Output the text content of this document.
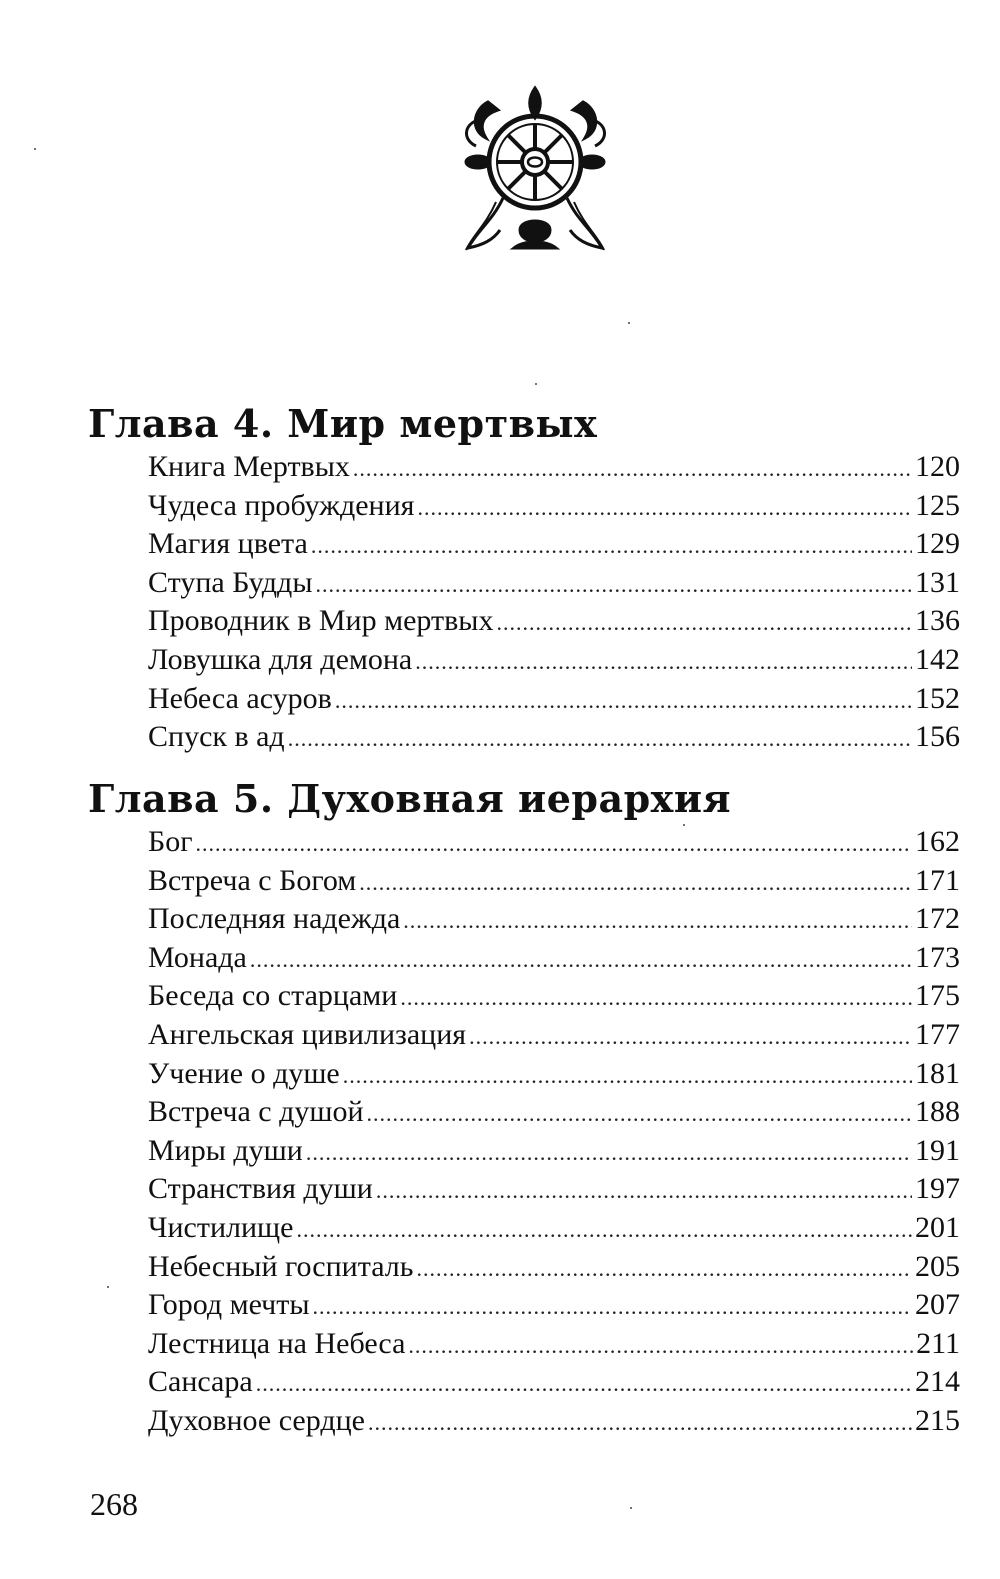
Глава 4. Мир мертвых
Книга Мертвых .....	120
Чудеса пробуждения .....	125
Магия цвета .....	129
Ступа Будды .....	131
Проводник в Мир мертвых .....	136
Ловушка для демона .....	142
Небеса асуров .....	152
Спуск в ад .....	156
Глава 5. Духовная иерархия
Бог .....	162
Встреча с Богом .....	171
Последняя надежда .....	172
Монада .....	173
Беседа со старцами .....	175
Ангельская цивилизация .....	177
Учение о душе .....	181
Встреча с душой .....	188
Миры души .....	191
Странствия души .....	197
Чистилище .....	201
Небесный госпиталь .....	205
Город мечты .....	207
Лестница на Небеса .....	211
Сансара .....	214
Духовное сердце .....	215
268
